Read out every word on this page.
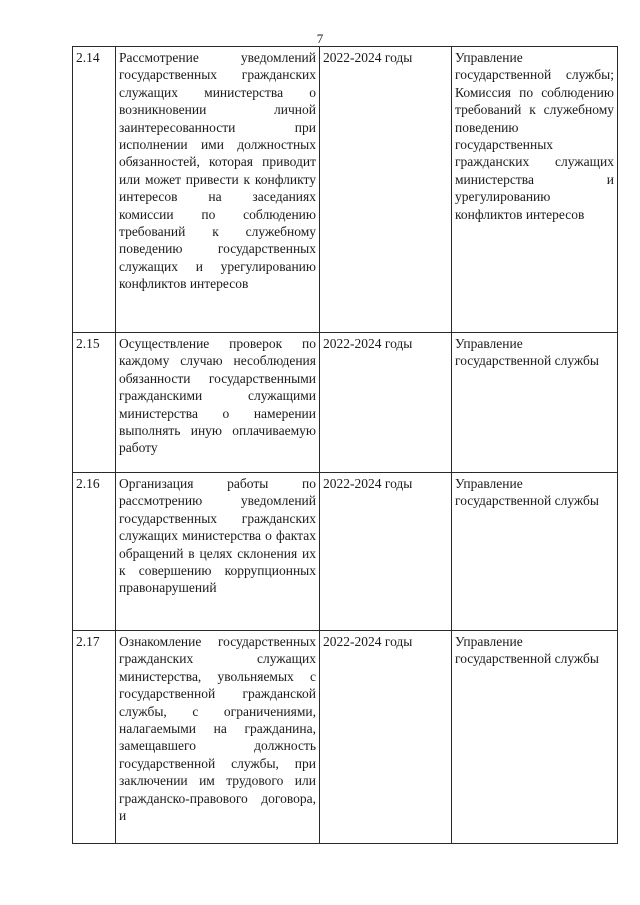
7
2.14	Рассмотрение уведомлений государственных гражданских служащих министерства о возникновении личной заинтересованности при исполнении ими должностных обязанностей, которая приводит или может привести к конфликту интересов на заседаниях комиссии по соблюдению требований к служебному поведению государственных служащих и урегулированию конфликтов интересов	2022-2024 годы	Управление государственной службы; Комиссия по соблюдению требований к служебному поведению государственных гражданских служащих министерства и урегулированию конфликтов интересов
2.15	Осуществление проверок по каждому случаю несоблюдения обязанности государственными гражданскими служащими министерства о намерении выполнять иную оплачиваемую работу	2022-2024 годы	Управление государственной службы
2.16	Организация работы по рассмотрению уведомлений государственных гражданских служащих министерства о фактах обращений в целях склонения их к совершению коррупционных правонарушений	2022-2024 годы	Управление государственной службы
2.17	Ознакомление государственных гражданских служащих министерства, увольняемых с государственной гражданской службы, с ограничениями, налагаемыми на гражданина, замещавшего должность государственной службы, при заключении им трудового или гражданско-правового договора, и	2022-2024 годы	Управление государственной службы
